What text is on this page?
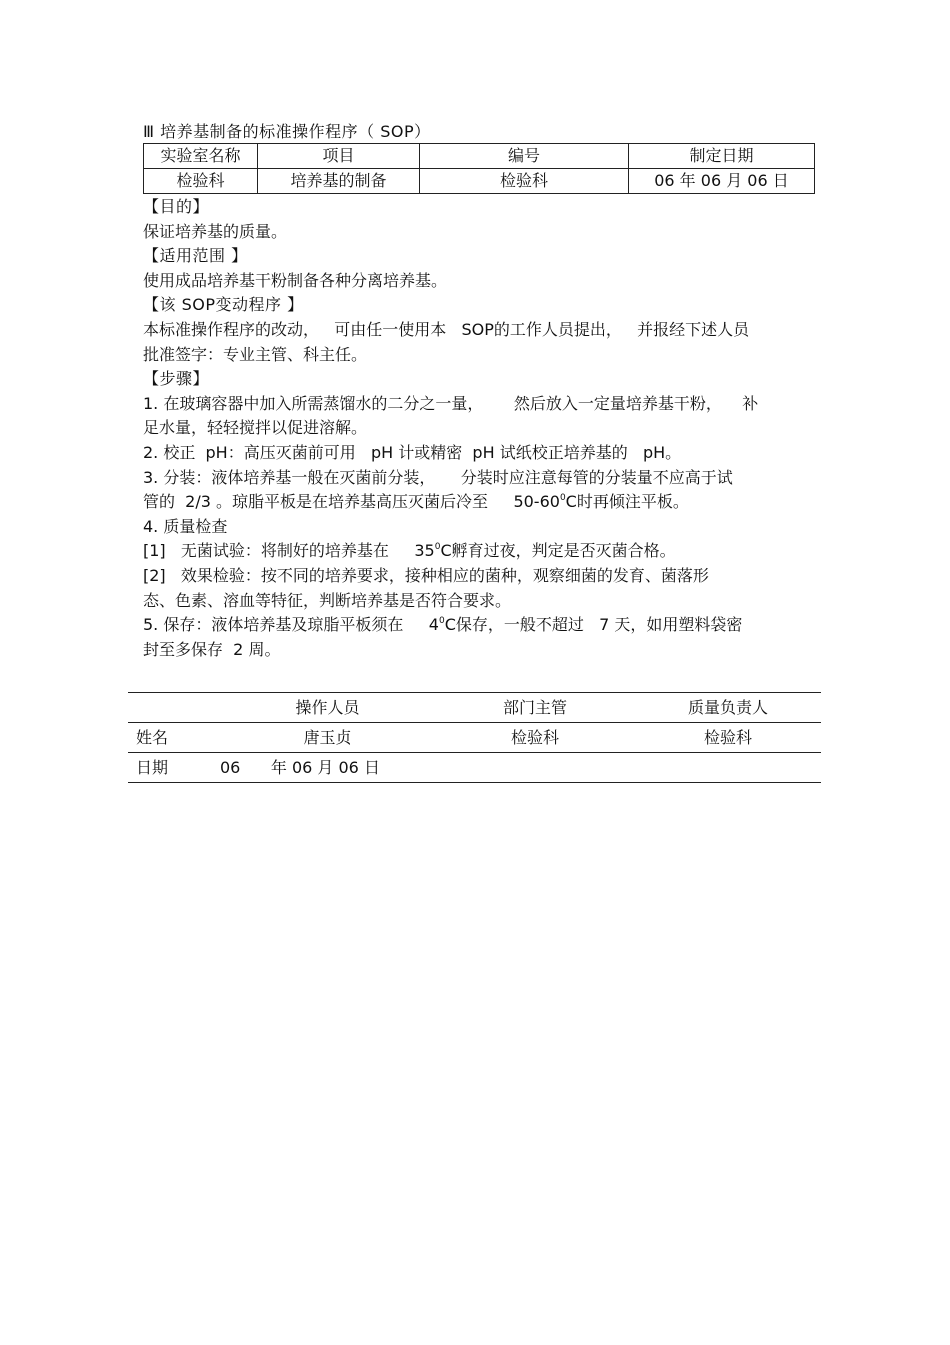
Ⅲ 培养基制备的标准操作程序（ SOP）
实验室名称	项目	编号	制定日期
检验科	培养基的制备	检验科	06 年 06 月 06 日

【目的】

保证培养基的质量。

【适用范围 】

使用成品培养基干粉制备各种分离培养基。

【该 SOP变动程序 】

本标准操作程序的改动，   可由任一使用本   SOP的工作人员提出，   并报经下述人员

批准签字：专业主管、科主任。

【步骤】

1. 在玻璃容器中加入所需蒸馏水的二分之一量，      然后放入一定量培养基干粉，    补

足水量，轻轻搅拌以促进溶解。

2. 校正  pH：高压灭菌前可用   pH 计或精密  pH 试纸校正培养基的   pH。

3. 分装：液体培养基一般在灭菌前分装，     分装时应注意每管的分装量不应高于试

管的  2/3 。琼脂平板是在培养基高压灭菌后冷至     $50-60^0C$时再倾注平板。

4. 质量检查

[1]   无菌试验：将制好的培养基在     $35^0C$孵育过夜，判定是否灭菌合格。

[2]   效果检验：按不同的培养要求，接种相应的菌种，观察细菌的发育、菌落形

态、色素、溶血等特征，判断培养基是否符合要求。

5. 保存：液体培养基及琼脂平板须在     $4^0C$保存，一般不超过   7 天，如用塑料袋密

封至多保存  2 周。

	操作人员	部门主管	质量负责人
姓名	唐玉贞	检验科	检验科
日期	06      年 06 月 06 日		
